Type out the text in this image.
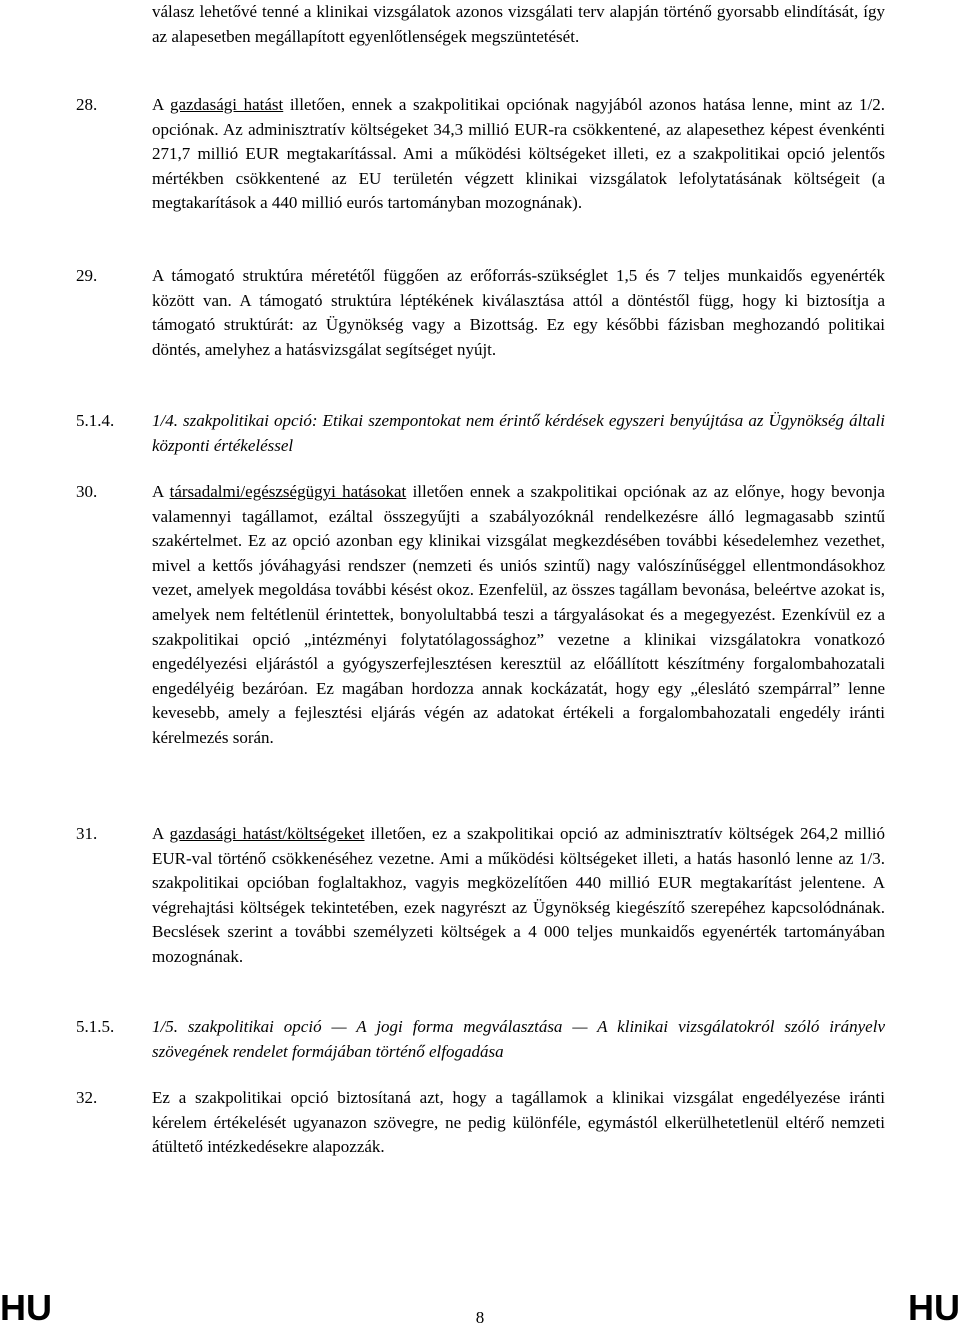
válasz lehetővé tenné a klinikai vizsgálatok azonos vizsgálati terv alapján történő gyorsabb elindítását, így az alapesetben megállapított egyenlőtlenségek megszüntetését.
28.	A gazdasági hatást illetően, ennek a szakpolitikai opciónak nagyjából azonos hatása lenne, mint az 1/2. opciónak. Az adminisztratív költségeket 34,3 millió EUR-ra csökkentené, az alapesethez képest évenkénti 271,7 millió EUR megtakarítással. Ami a működési költségeket illeti, ez a szakpolitikai opció jelentős mértékben csökkentené az EU területén végzett klinikai vizsgálatok lefolytatásának költségeit (a megtakarítások a 440 millió eurós tartományban mozognának).
29.	A támogató struktúra méretétől függően az erőforrás-szükséglet 1,5 és 7 teljes munkaidős egyenérték között van. A támogató struktúra léptékének kiválasztása attól a döntéstől függ, hogy ki biztosítja a támogató struktúrát: az Ügynökség vagy a Bizottság. Ez egy későbbi fázisban meghozandó politikai döntés, amelyhez a hatásvizsgálat segítséget nyújt.
5.1.4. 1/4. szakpolitikai opció: Etikai szempontokat nem érintő kérdések egyszeri benyújtása az Ügynökség általi központi értékeléssel
30.	A társadalmi/egészségügyi hatásokat illetően ennek a szakpolitikai opciónak az az előnye, hogy bevonja valamennyi tagállamot, ezáltal összegyűjti a szabályozóknál rendelkezésre álló legmagasabb szintű szakértelmet. Ez az opció azonban egy klinikai vizsgálat megkezdésében további késedelemhez vezethet, mivel a kettős jóváhagyási rendszer (nemzeti és uniós szintű) nagy valószínűséggel ellentmondásokhoz vezet, amelyek megoldása további késést okoz. Ezenfelül, az összes tagállam bevonása, beleértve azokat is, amelyek nem feltétlenül érintettek, bonyolultabbá teszi a tárgyalásokat és a megegyezést. Ezenkívül ez a szakpolitikai opció „intézményi folytatólagossághoz” vezetne a klinikai vizsgálatokra vonatkozó engedélyezési eljárástól a gyógyszerfejlesztésen keresztül az előállított készítmény forgalombahozatali engedélyéig bezáróan. Ez magában hordozza annak kockázatát, hogy egy „éleslátó szempárral” lenne kevesebb, amely a fejlesztési eljárás végén az adatokat értékeli a forgalombahozatali engedély iránti kérelmezés során.
31.	A gazdasági hatást/költségeket illetően, ez a szakpolitikai opció az adminisztratív költségek 264,2 millió EUR-val történő csökkenéséhez vezetne. Ami a működési költségeket illeti, a hatás hasonló lenne az 1/3. szakpolitikai opcióban foglaltakhoz, vagyis megközelítően 440 millió EUR megtakarítást jelentene. A végrehajtási költségek tekintetében, ezek nagyrészt az Ügynökség kiegészítő szerepéhez kapcsolódnának. Becslések szerint a további személyzeti költségek a 4 000 teljes munkaidős egyenérték tartományában mozognának.
5.1.5. 1/5. szakpolitikai opció — A jogi forma megválasztása — A klinikai vizsgálatokról szóló irányelv szövegének rendelet formájában történő elfogadása
32.	Ez a szakpolitikai opció biztosítaná azt, hogy a tagállamok a klinikai vizsgálat engedélyezése iránti kérelem értékelését ugyanazon szövegre, ne pedig különféle, egymástól elkerülhetetlenül eltérő nemzeti átültető intézkedésekre alapozzák.
HU	8	HU
